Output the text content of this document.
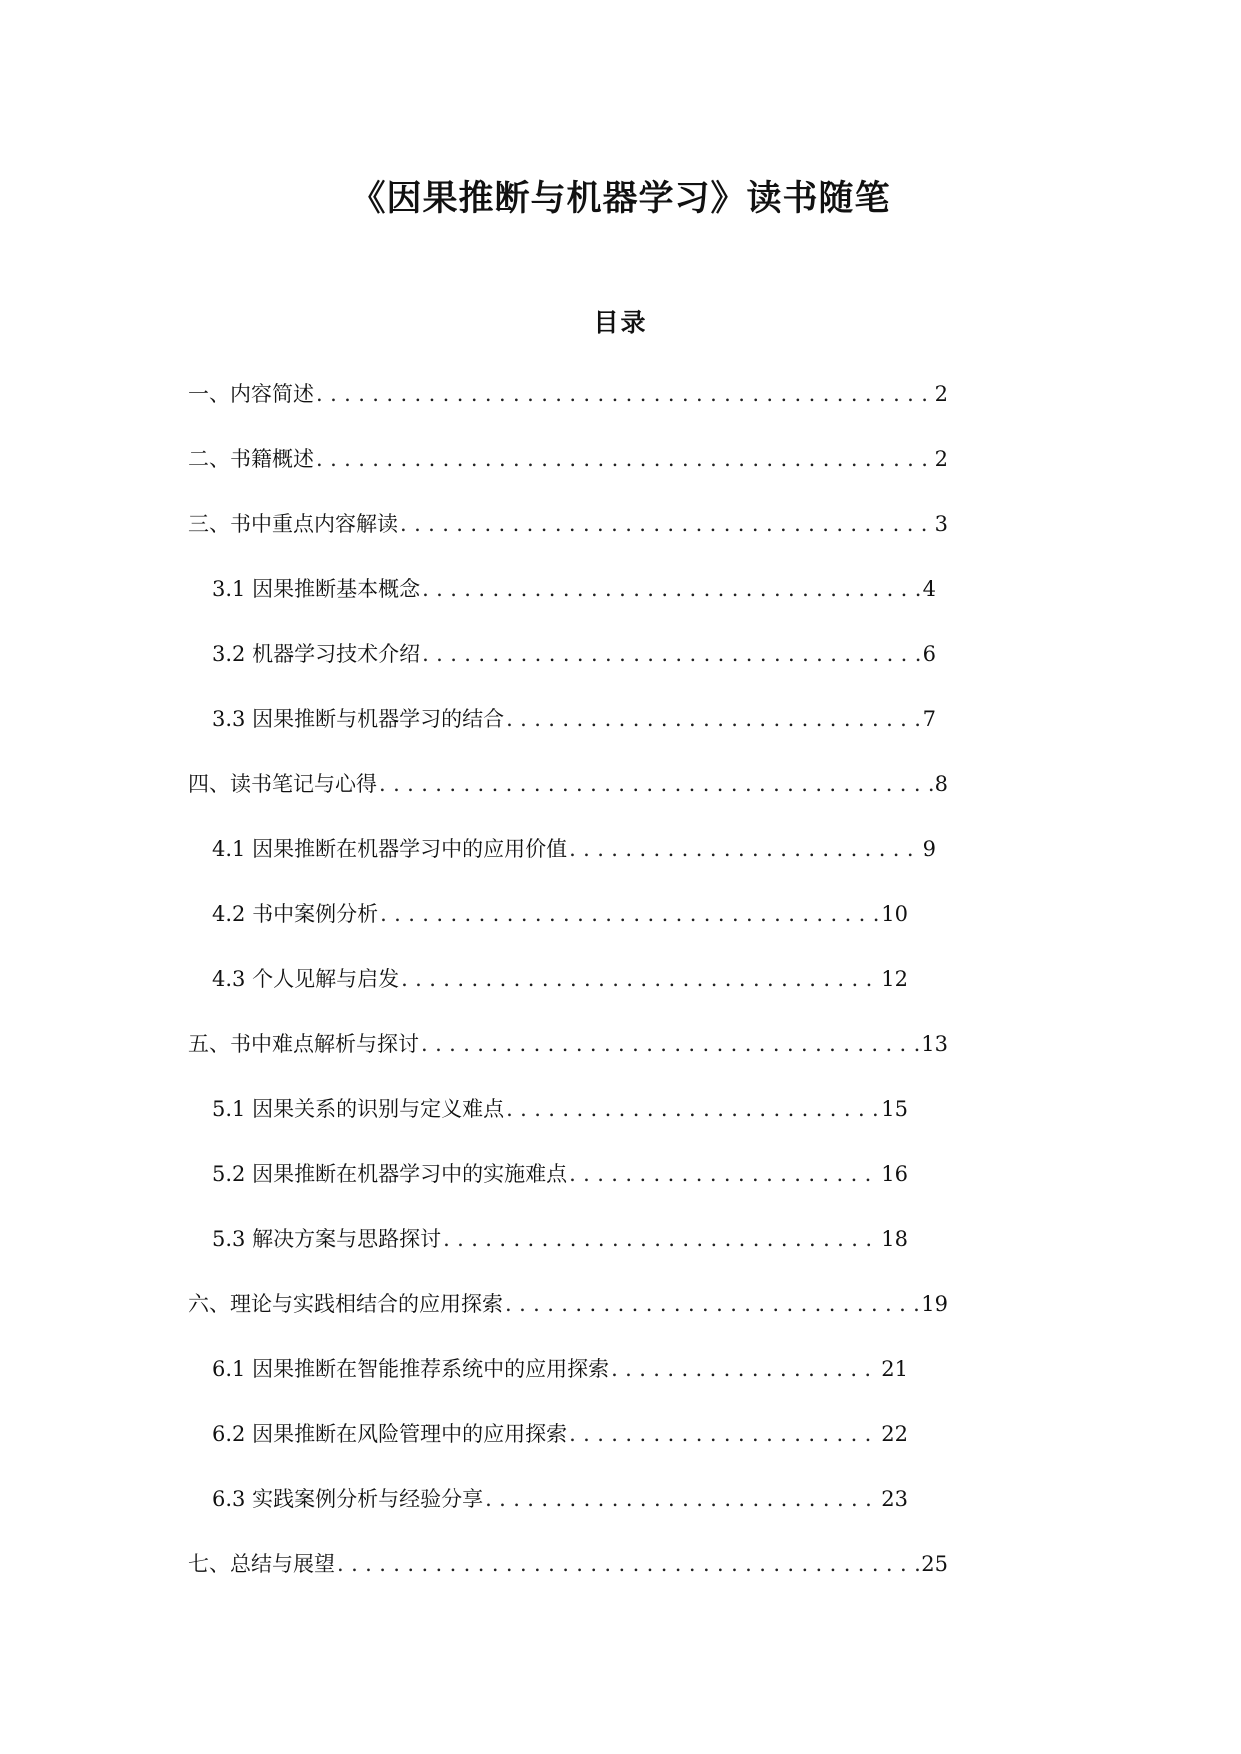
《因果推断与机器学习》读书随笔
目录
一、内容简述 .....	2
二、书籍概述 .....	2
三、书中重点内容解读 .....	3
3.1 因果推断基本概念 .....	4
3.2 机器学习技术介绍 .....	6
3.3 因果推断与机器学习的结合 .....	7
四、读书笔记与心得 .....	8
4.1 因果推断在机器学习中的应用价值 .....	9
4.2 书中案例分析 .....	10
4.3 个人见解与启发 .....	12
五、书中难点解析与探讨 .....	13
5.1 因果关系的识别与定义难点 .....	15
5.2 因果推断在机器学习中的实施难点 .....	16
5.3 解决方案与思路探讨 .....	18
六、理论与实践相结合的应用探索 .....	19
6.1 因果推断在智能推荐系统中的应用探索 .....	21
6.2 因果推断在风险管理中的应用探索 .....	22
6.3 实践案例分析与经验分享 .....	23
七、总结与展望 .....	25
